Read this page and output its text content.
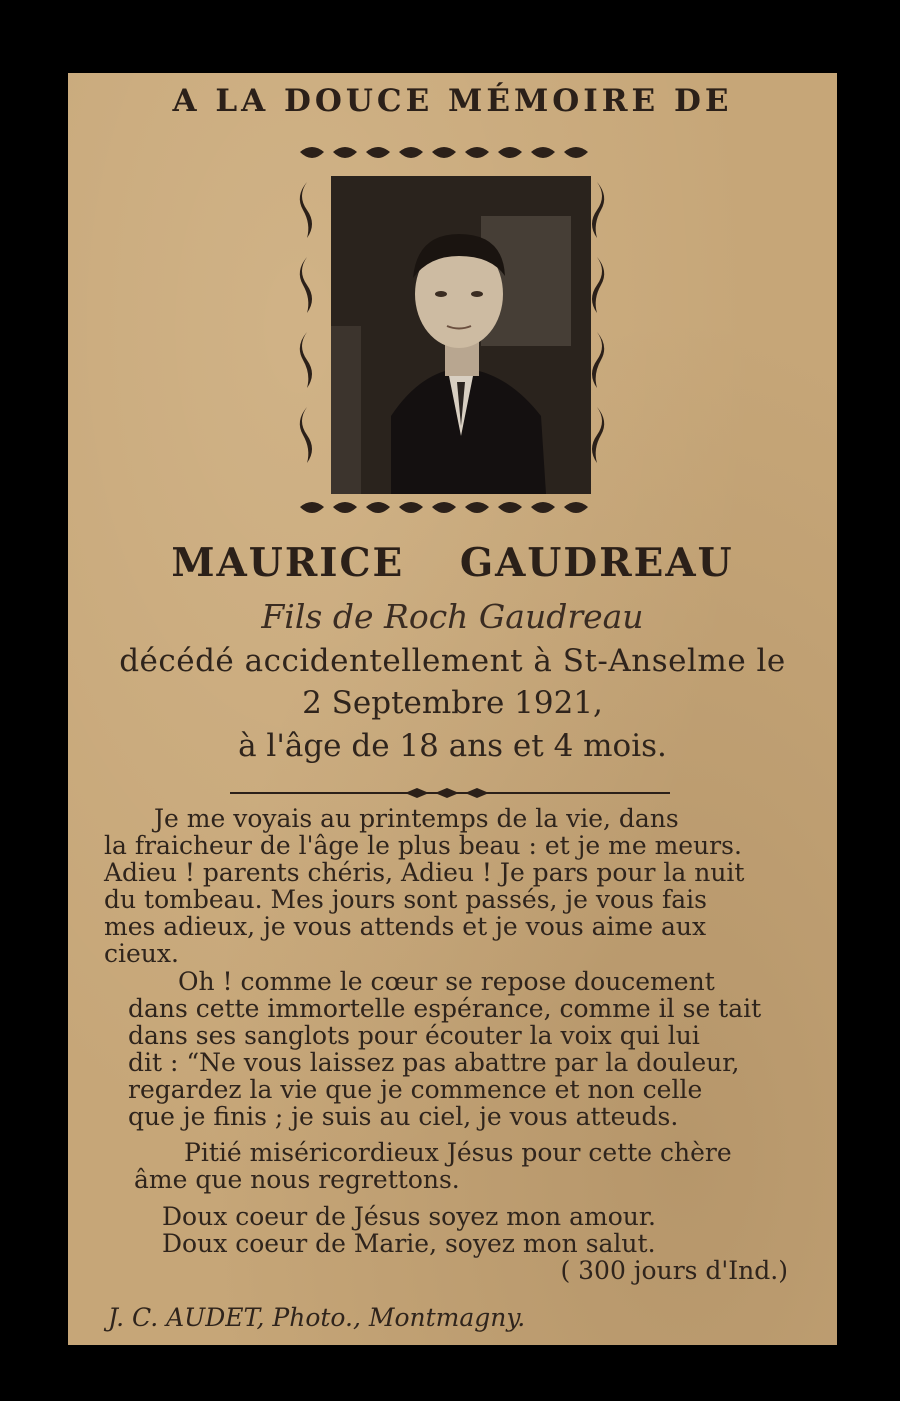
A LA DOUCE MÉMOIRE DE
MAURICE GAUDREAU
Fils de Roch Gaudreau
décédé accidentellement à St-Anselme le
2 Septembre 1921,
à l'âge de 18 ans et 4 mois.
Je me voyais au printemps de la vie, dans
la fraicheur de l'âge le plus beau : et je me meurs.
Adieu ! parents chéris, Adieu ! Je pars pour la nuit
du tombeau. Mes jours sont passés, je vous fais
mes adieux, je vous attends et je vous aime aux
cieux.
Oh ! comme le cœur se repose doucement
dans cette immortelle espérance, comme il se tait
dans ses sanglots pour écouter la voix qui lui
dit : “Ne vous laissez pas abattre par la douleur,
regardez la vie que je commence et non celle
que je finis ; je suis au ciel, je vous atteuds.
Pitié miséricordieux Jésus pour cette chère
âme que nous regrettons.
Doux coeur de Jésus soyez mon amour.
Doux coeur de Marie, soyez mon salut.
( 300 jours d'Ind.)
J. C. AUDET, Photo., Montmagny.
